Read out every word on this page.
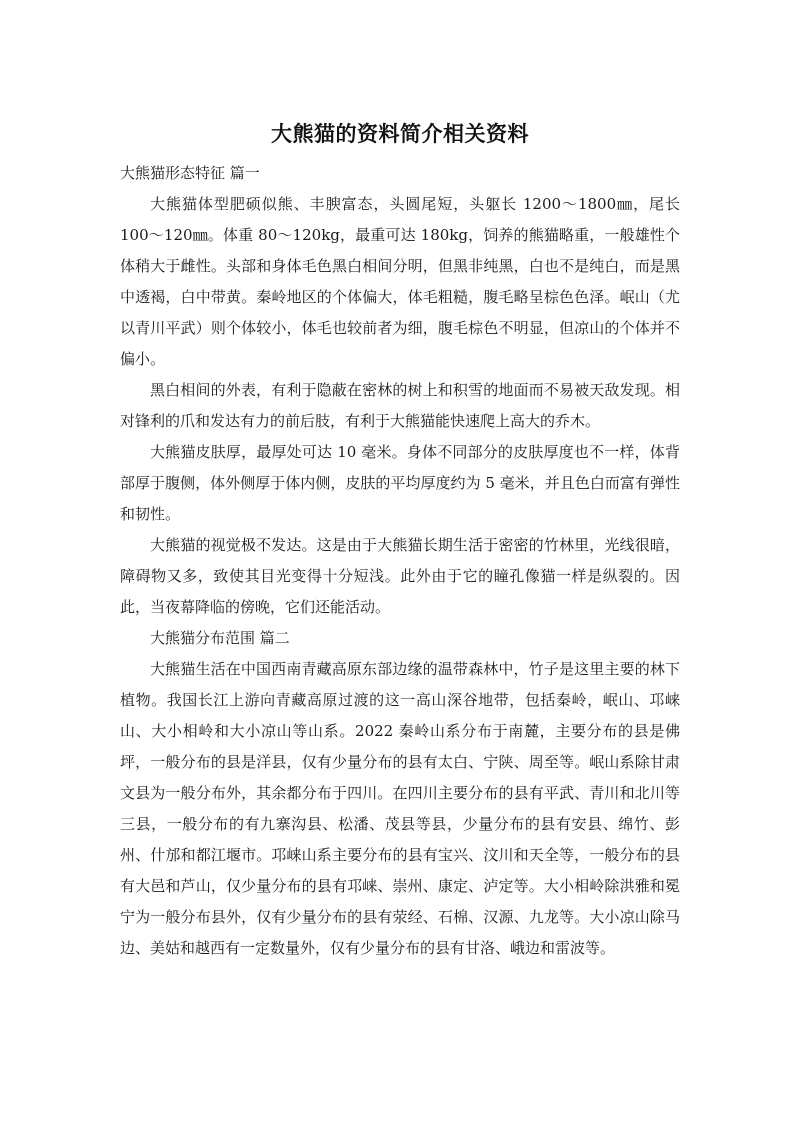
大熊猫的资料简介相关资料

大熊猫形态特征 篇一

大熊猫体型肥硕似熊、丰腴富态，头圆尾短，头躯长 1200～1800㎜，尾长 100～120㎜。体重 80～120kg，最重可达 180kg，饲养的熊猫略重，一般雄性个体稍大于雌性。头部和身体毛色黑白相间分明，但黑非纯黑，白也不是纯白，而是黑中透褐，白中带黄。秦岭地区的个体偏大，体毛粗糙，腹毛略呈棕色色泽。岷山（尤以青川平武）则个体较小，体毛也较前者为细，腹毛棕色不明显，但凉山的个体并不偏小。

黑白相间的外表，有利于隐蔽在密林的树上和积雪的地面而不易被天敌发现。相对锋利的爪和发达有力的前后肢，有利于大熊猫能快速爬上高大的乔木。

大熊猫皮肤厚，最厚处可达 10 毫米。身体不同部分的皮肤厚度也不一样，体背部厚于腹侧，体外侧厚于体内侧，皮肤的平均厚度约为 5 毫米，并且色白而富有弹性和韧性。

大熊猫的视觉极不发达。这是由于大熊猫长期生活于密密的竹林里，光线很暗，障碍物又多，致使其目光变得十分短浅。此外由于它的瞳孔像猫一样是纵裂的。因此，当夜幕降临的傍晚，它们还能活动。

大熊猫分布范围 篇二

大熊猫生活在中国西南青藏高原东部边缘的温带森林中，竹子是这里主要的林下植物。我国长江上游向青藏高原过渡的这一高山深谷地带，包括秦岭，岷山、邛崃山、大小相岭和大小凉山等山系。2022 秦岭山系分布于南麓，主要分布的县是佛坪，一般分布的县是洋县，仅有少量分布的县有太白、宁陕、周至等。岷山系除甘肃文县为一般分布外，其余都分布于四川。在四川主要分布的县有平武、青川和北川等三县，一般分布的有九寨沟县、松潘、茂县等县，少量分布的县有安县、绵竹、彭州、什邡和都江堰市。邛崃山系主要分布的县有宝兴、汶川和天全等，一般分布的县有大邑和芦山，仅少量分布的县有邛崃、崇州、康定、泸定等。大小相岭除洪雅和冕宁为一般分布县外，仅有少量分布的县有荥经、石棉、汉源、九龙等。大小凉山除马边、美姑和越西有一定数量外，仅有少量分布的县有甘洛、峨边和雷波等。
